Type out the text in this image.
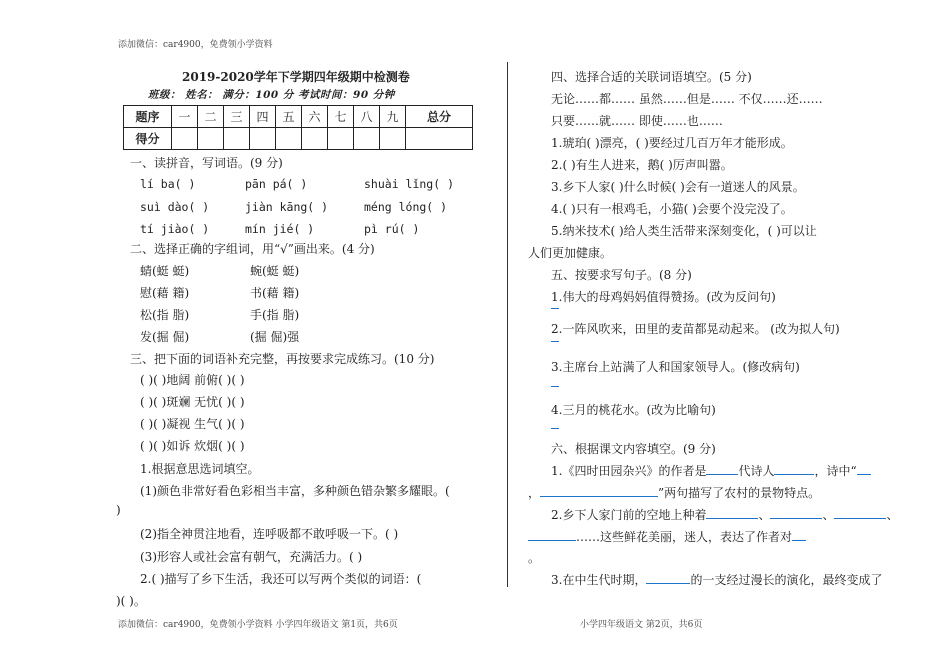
添加微信：car4900，免费领小学资料
添加微信：car4900，免费领小学资料 小学四年级语文 第1页，共6页	小学四年级语文 第2页，共6页
2019-2020学年下学期四年级期中检测卷
班级： 姓名： 满分：100 分 考试时间：90 分钟
题序	一	二	三	四	五	六	七	八	九	总分
得分										
一、读拼音，写词语。(9 分)
lí ba( )	pān pá( )	shuài lǐng( )
suì dào( )	jiàn kāng( )	méng lóng( )
tí jiào( )	mín jié( )	pì rú( )
二、选择正确的字组词，用“√”画出来。(4 分)
蜻(蜓 蜓)	蜿(蜓 蜓)
慰(藉 籍)	书(藉 籍)
松(指 脂)	手(指 脂)
发(掘 倔)	(掘 倔)强
三、把下面的词语补充完整，再按要求完成练习。(10 分)
( )( )地阔 前俯( )( )
( )( )斑斓 无忧( )( )
( )( )凝视 生气( )( )
( )( )如诉 炊烟( )( )
1.根据意思选词填空。
(1)颜色非常好看色彩相当丰富，多种颜色错杂繁多耀眼。(
)
(2)指全神贯注地看，连呼吸都不敢呼吸一下。( )
(3)形容人或社会富有朝气，充满活力。( )
2.( )描写了乡下生活，我还可以写两个类似的词语：(
)( )。
四、选择合适的关联词语填空。(5 分)
无论……都…… 虽然……但是…… 不仅……还……
只要……就…… 即使……也……
1.琥珀( )漂亮，( )要经过几百万年才能形成。
2.( )有生人进来，鹅( )厉声叫嚣。
3.乡下人家( )什么时候( )会有一道迷人的风景。
4.( )只有一根鸡毛，小猫( )会要个没完没了。
5.纳米技术( )给人类生活带来深刻变化，( )可以让
人们更加健康。
五、按要求写句子。(8 分)
1.伟大的母鸡妈妈值得赞扬。(改为反问句)
2.一阵风吹来，田里的麦苗都晃动起来。 (改为拟人句)
3.主席台上站满了人和国家领导人。(修改病句)
4.三月的桃花水。(改为比喻句)
六、根据课文内容填空。(9 分)
1.《四时田园杂兴》的作者是	代诗人	，诗中“
，	”两句描写了农村的景物特点。
2.乡下人家门前的空地上种着	、	、	、
……这些鲜花美丽，迷人，表达了作者对
。
3.在中生代时期，	的一支经过漫长的演化，最终变成了
